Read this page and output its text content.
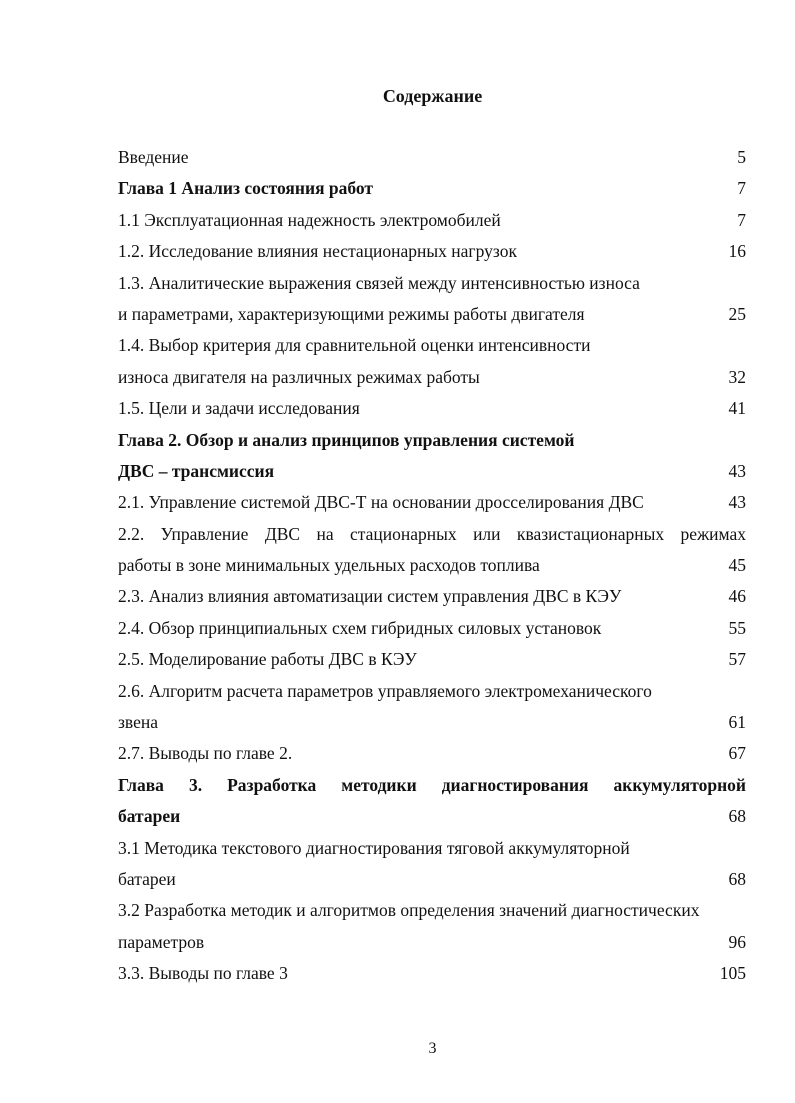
Содержание
Введение	5
Глава 1 Анализ состояния работ	7
1.1 Эксплуатационная надежность электромобилей	7
1.2. Исследование влияния нестационарных нагрузок	16
1.3. Аналитические выражения связей между интенсивностью износа
и параметрами, характеризующими режимы работы двигателя	25
1.4. Выбор критерия для сравнительной оценки интенсивности
износа двигателя на различных режимах работы	32
1.5. Цели и задачи исследования	41
Глава 2. Обзор и анализ принципов управления системой
ДВС – трансмиссия	43
2.1. Управление системой ДВС-Т на основании дросселирования ДВС	43
2.2. Управление ДВС на стационарных или квазистационарных режимах
работы в зоне минимальных удельных расходов топлива	45
2.3. Анализ влияния автоматизации систем управления ДВС в КЭУ	46
2.4. Обзор принципиальных схем гибридных силовых установок	55
2.5. Моделирование работы ДВС в КЭУ	57
2.6. Алгоритм расчета параметров управляемого электромеханического
звена	61
2.7. Выводы по главе 2.	67
Глава 3. Разработка методики диагностирования аккумуляторной
батареи	68
3.1 Методика текстового диагностирования тяговой аккумуляторной
батареи	68
3.2 Разработка методик и алгоритмов определения значений диагностических
параметров	96
3.3. Выводы по главе 3	105
3
